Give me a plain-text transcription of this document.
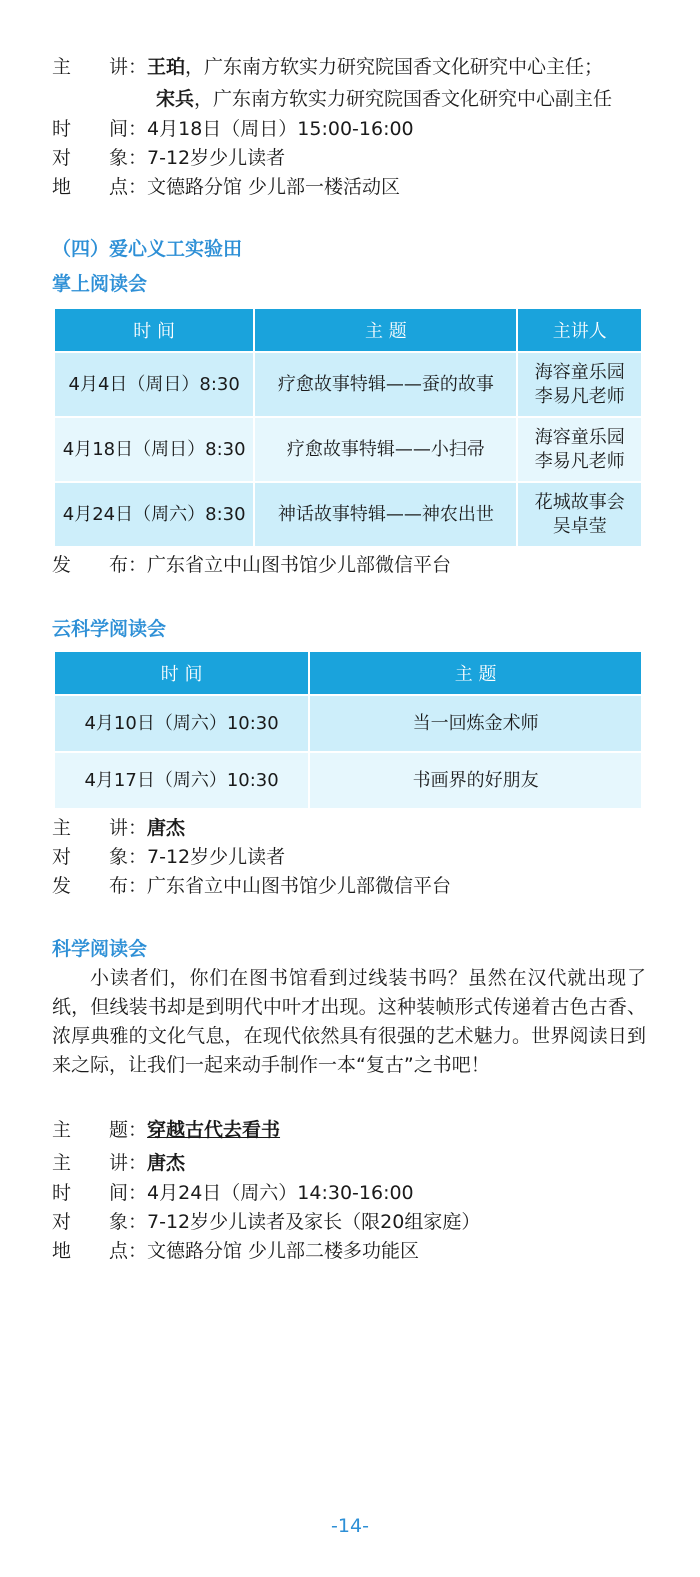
主　　讲：王珀，广东南方软实力研究院国香文化研究中心主任；
宋兵，广东南方软实力研究院国香文化研究中心副主任
时　　间：4月18日（周日）15:00-16:00
对　　象：7-12岁少儿读者
地　　点：文德路分馆 少儿部一楼活动区
（四）爱心义工实验田
掌上阅读会
时 间	主 题	主讲人
4月4日（周日）8:30	疗愈故事特辑——蚕的故事	海容童乐园
李易凡老师

4月18日（周日）8:30	疗愈故事特辑——小扫帚	海容童乐园
李易凡老师

4月24日（周六）8:30	神话故事特辑——神农出世	花城故事会
吴卓莹
发　　布：广东省立中山图书馆少儿部微信平台
云科学阅读会
时 间	主 题
4月10日（周六）10:30	当一回炼金术师
4月17日（周六）10:30	书画界的好朋友
主　　讲：唐杰
对　　象：7-12岁少儿读者
发　　布：广东省立中山图书馆少儿部微信平台
科学阅读会

小读者们，你们在图书馆看到过线装书吗？虽然在汉代就出现了纸，但线装书却是到明代中叶才出现。这种装帧形式传递着古色古香、浓厚典雅的文化气息，在现代依然具有很强的艺术魅力。世界阅读日到来之际，让我们一起来动手制作一本“复古”之书吧！

主　　题：穿越古代去看书
主　　讲：唐杰
时　　间：4月24日（周六）14:30-16:00
对　　象：7-12岁少儿读者及家长（限20组家庭）
地　　点：文德路分馆 少儿部二楼多功能区
-14-
